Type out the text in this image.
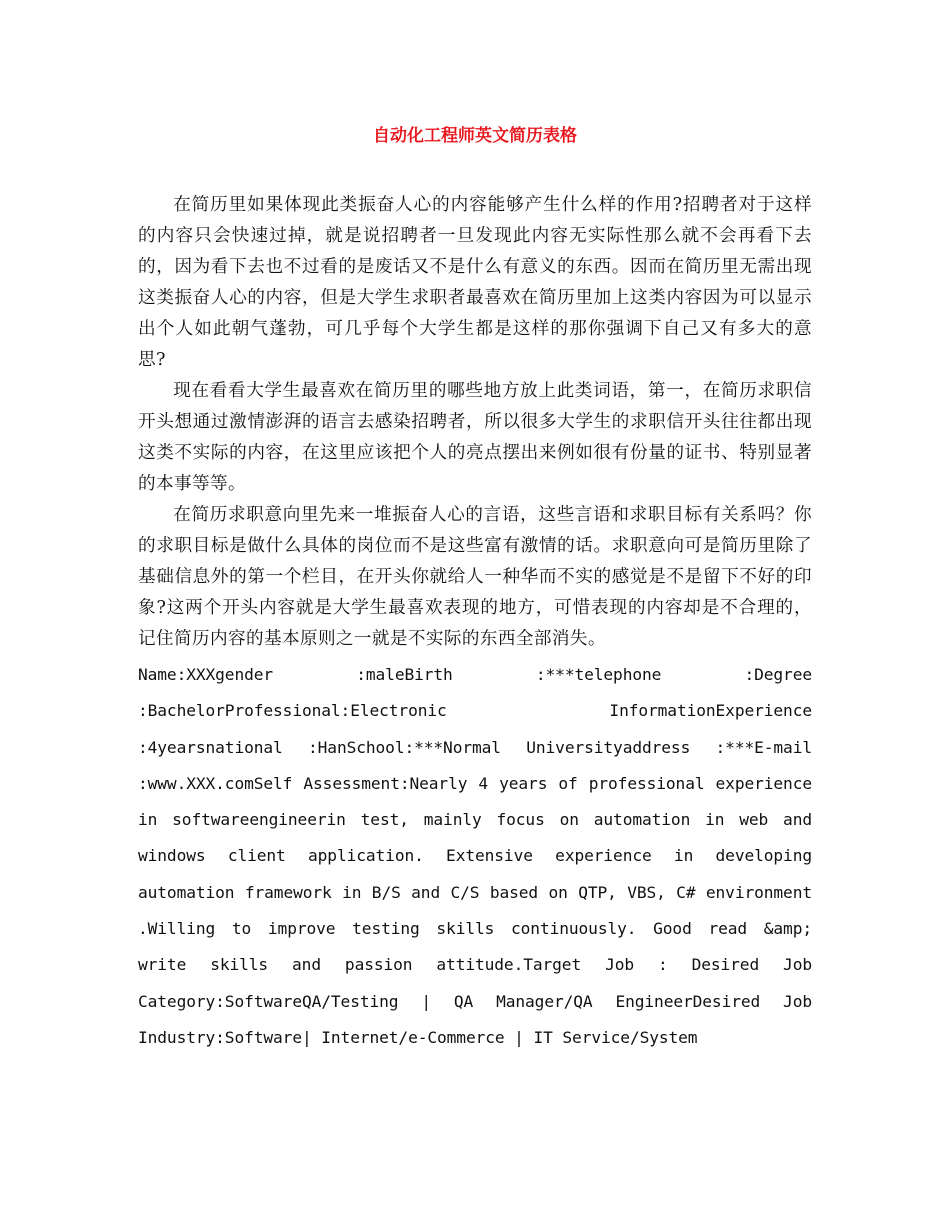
自动化工程师英文简历表格

在简历里如果体现此类振奋人心的内容能够产生什么样的作用?招聘者对于这样的内容只会快速过掉，就是说招聘者一旦发现此内容无实际性那么就不会再看下去的，因为看下去也不过看的是废话又不是什么有意义的东西。因而在简历里无需出现这类振奋人心的内容，但是大学生求职者最喜欢在简历里加上这类内容因为可以显示出个人如此朝气蓬勃，可几乎每个大学生都是这样的那你强调下自己又有多大的意思?

现在看看大学生最喜欢在简历里的哪些地方放上此类词语，第一，在简历求职信开头想通过激情澎湃的语言去感染招聘者，所以很多大学生的求职信开头往往都出现这类不实际的内容，在这里应该把个人的亮点摆出来例如很有份量的证书、特别显著的本事等等。

在简历求职意向里先来一堆振奋人心的言语，这些言语和求职目标有关系吗？你的求职目标是做什么具体的岗位而不是这些富有激情的话。求职意向可是简历里除了基础信息外的第一个栏目，在开头你就给人一种华而不实的感觉是不是留下不好的印象?这两个开头内容就是大学生最喜欢表现的地方，可惜表现的内容却是不合理的，记住简历内容的基本原则之一就是不实际的东西全部消失。

Name:XXXgender :maleBirth :***telephone :Degree :BachelorProfessional:Electronic InformationExperience :4yearsnational :HanSchool:***Normal Universityaddress :***E-mail :www.XXX.comSelf Assessment:Nearly 4 years of professional experience in softwareengineerin test, mainly focus on automation in web and windows client application. Extensive experience in developing automation framework in B/S and C/S based on QTP, VBS, C# environment .Willing to improve testing skills continuously. Good read &amp; write skills and passion attitude.Target Job : Desired Job Category:SoftwareQA/Testing | QA Manager/QA EngineerDesired Job Industry:Software| Internet/e-Commerce | IT Service/System
